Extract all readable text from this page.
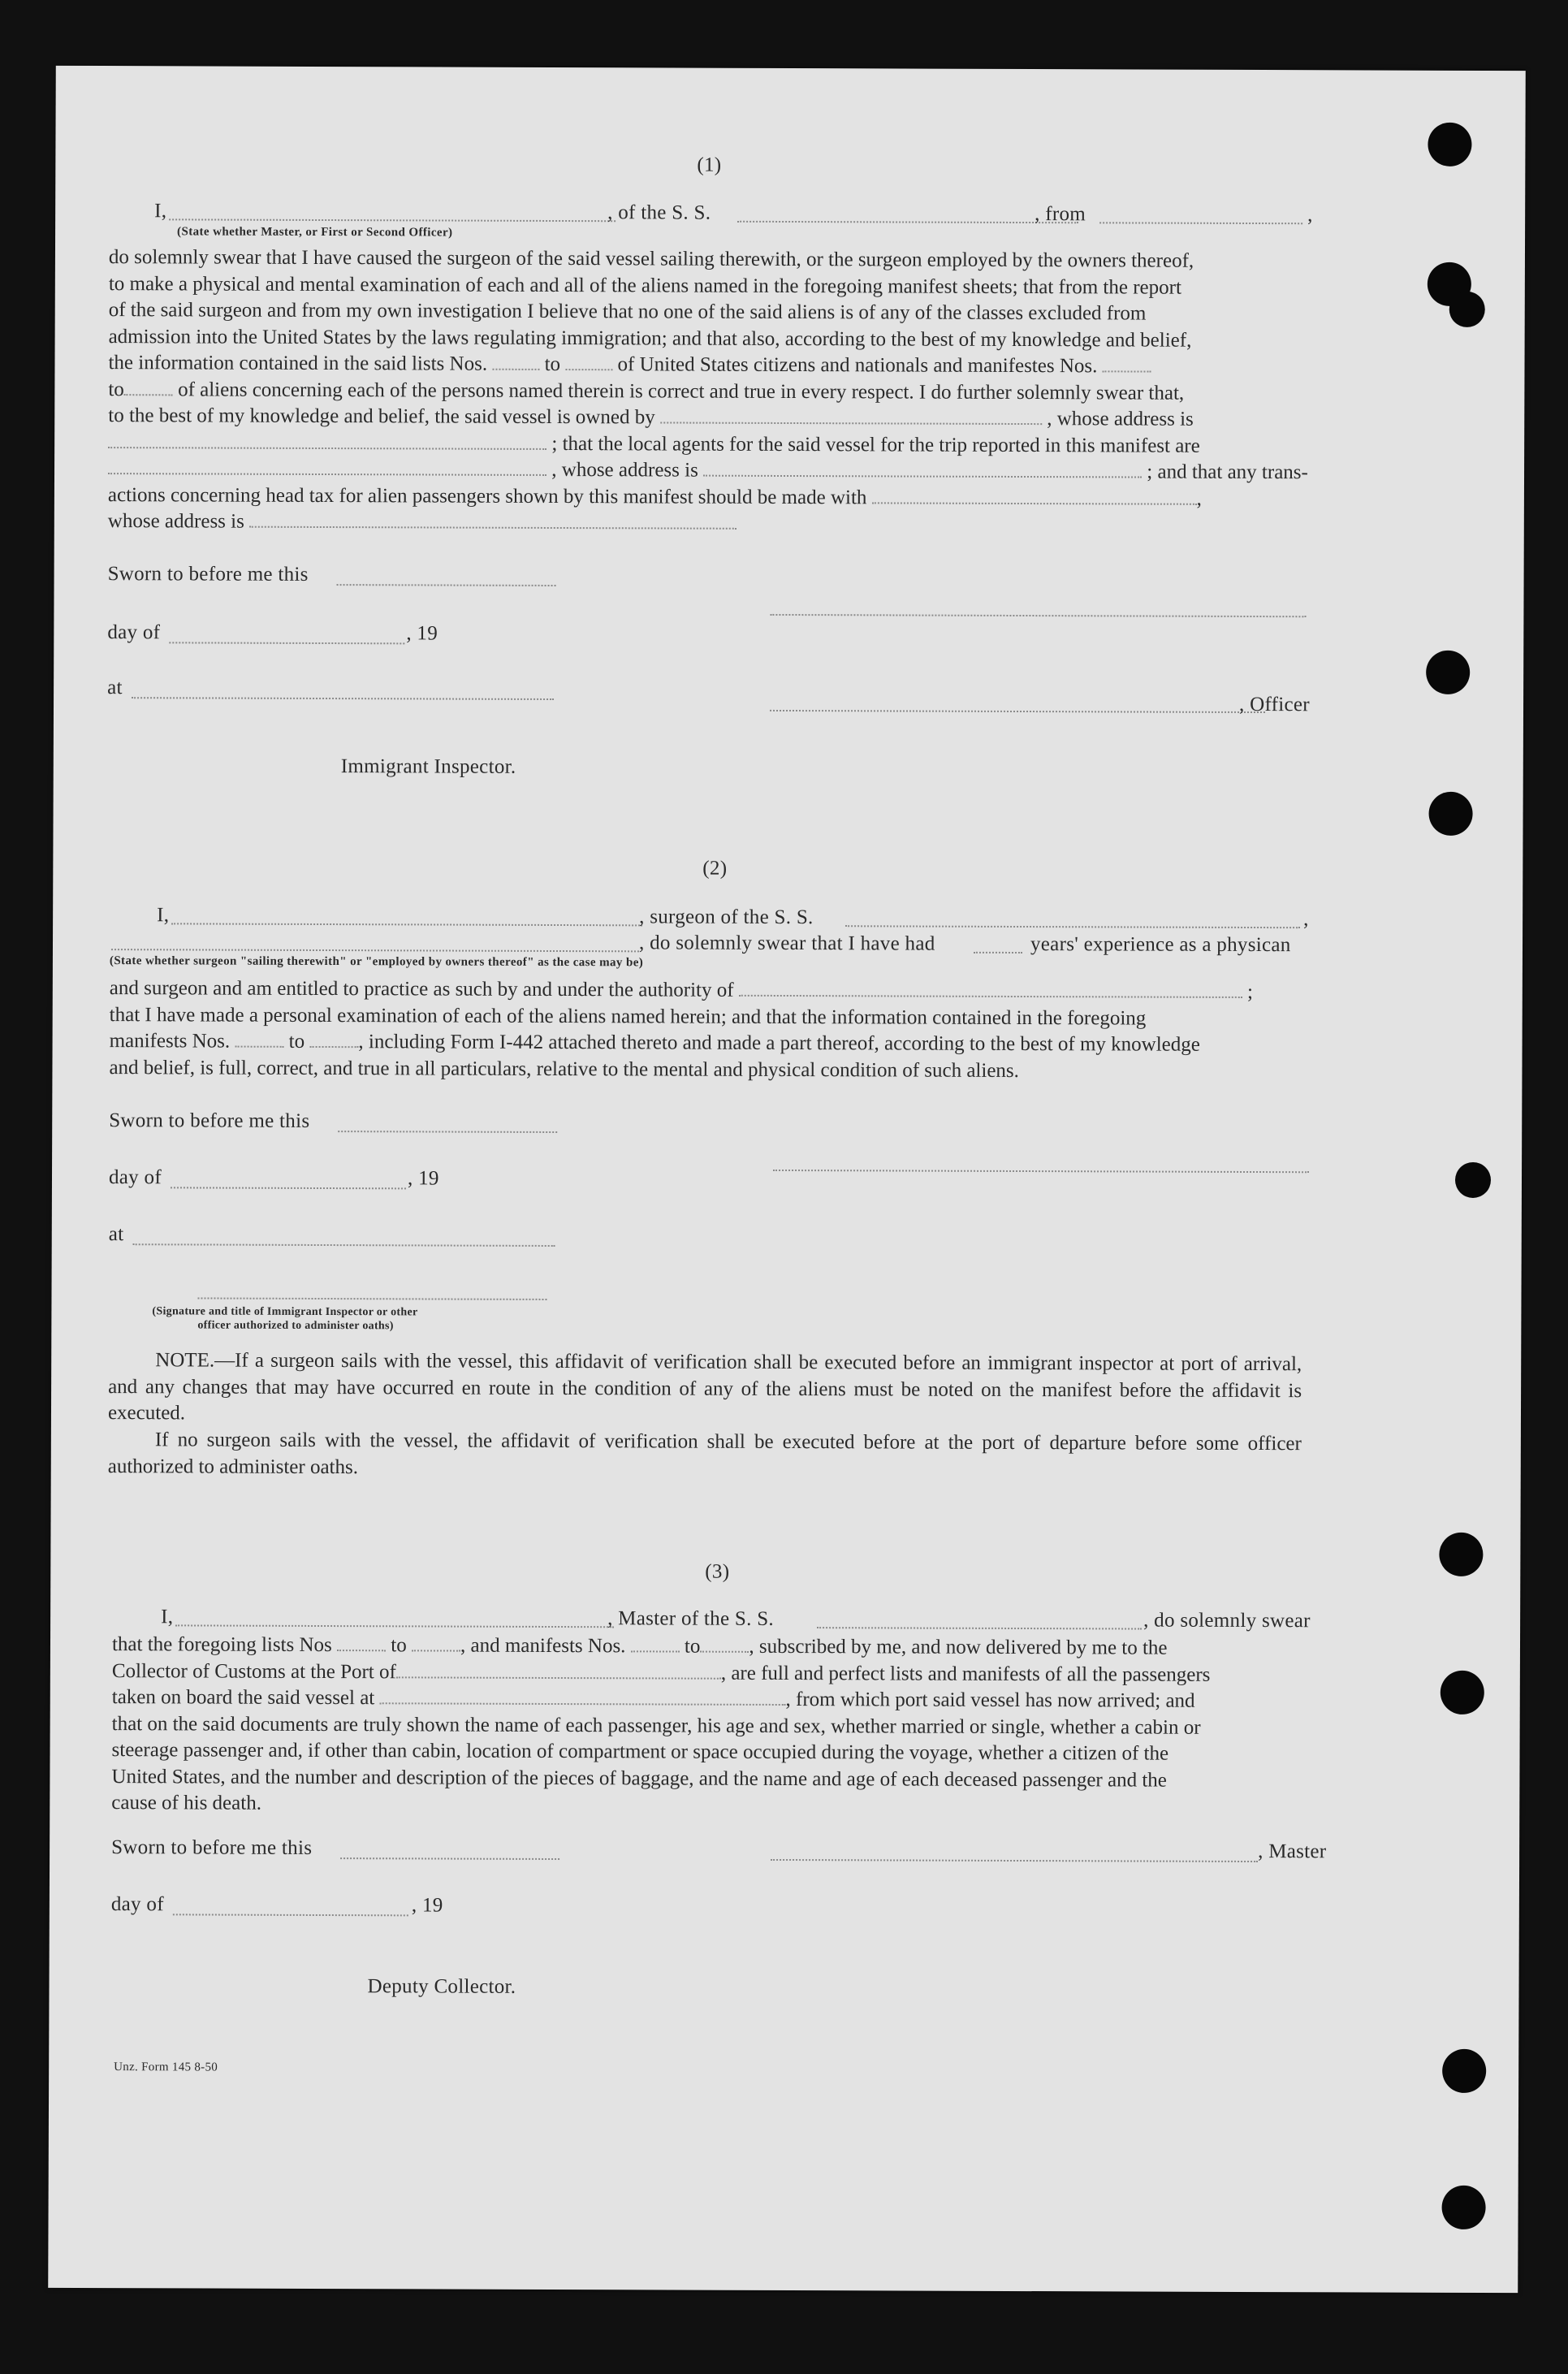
(1)
I,	, of the S. S.	, from	,
(State whether Master, or First or Second Officer)

do solemnly swear that I have caused the surgeon of the said vessel sailing therewith, or the surgeon employed by the owners thereof,

to make a physical and mental examination of each and all of the aliens named in the foregoing manifest sheets; that from the report

of the said surgeon and from my own investigation I believe that no one of the said aliens is of any of the classes excluded from

admission into the United States by the laws regulating immigration; and that also, according to the best of my knowledge and belief,

the information contained in the said lists Nos.	to	of United States citizens and nationals and manifestes Nos.

to	of aliens concerning each of the persons named therein is correct and true in every respect. I do further solemnly swear that,

to the best of my knowledge and belief, the said vessel is owned by	, whose address is

; that the local agents for the said vessel for the trip reported in this manifest are

, whose address is	; and that any trans-

actions concerning head tax for alien passengers shown by this manifest should be made with	,

whose address is

Sworn to before me this
day of	, 19
at
, Officer
Immigrant Inspector.
(2)
I,	, surgeon of the S. S.	,
, do solemnly swear that I have had	years' experience as a physican
(State whether surgeon "sailing therewith" or "employed by owners thereof" as the case may be)

and surgeon and am entitled to practice as such by and under the authority of	;

that I have made a personal examination of each of the aliens named herein; and that the information contained in the foregoing

manifests Nos.	to	, including Form I-442 attached thereto and made a part thereof, according to the best of my knowledge

and belief, is full, correct, and true in all particulars, relative to the mental and physical condition of such aliens.

Sworn to before me this
day of	, 19
at
(Signature and title of Immigrant Inspector or other
officer authorized to administer oaths)
NOTE.—If a surgeon sails with the vessel, this affidavit of verification shall be executed before an immigrant inspector at port of arrival, and any changes that may have occurred en route in the condition of any of the aliens must be noted on the manifest before the affidavit is executed.
If no surgeon sails with the vessel, the affidavit of verification shall be executed before at the port of departure before some officer authorized to administer oaths.
(3)
I,	, Master of the S. S.	, do solemnly swear

that the foregoing lists Nos	to	, and manifests Nos.	to , subscribed by me, and now delivered by me to the

Collector of Customs at the Port of	, are full and perfect lists and manifests of all the passengers

taken on board the said vessel at	, from which port said vessel has now arrived; and

that on the said documents are truly shown the name of each passenger, his age and sex, whether married or single, whether a cabin or

steerage passenger and, if other than cabin, location of compartment or space occupied during the voyage, whether a citizen of the

United States, and the number and description of the pieces of baggage, and the name and age of each deceased passenger and the

cause of his death.

Sworn to before me this	, Master
day of	, 19
Deputy Collector.
Unz. Form 145 8-50
